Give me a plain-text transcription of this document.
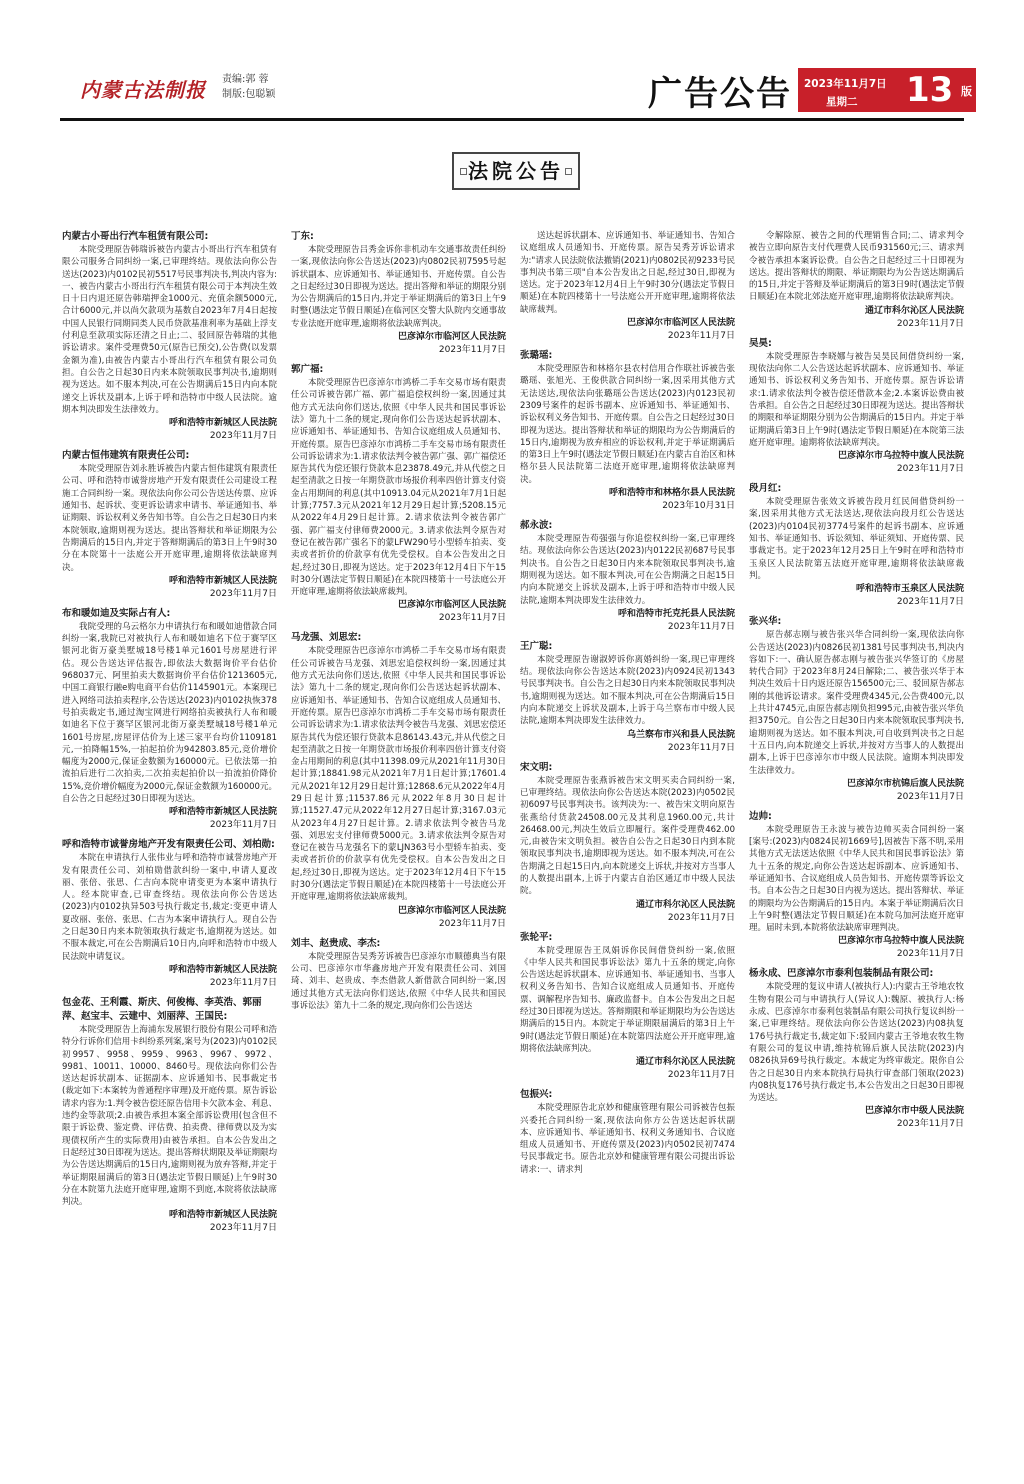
内蒙古法制报 责编:郭 蓉
制版:包聪颖	广告公告 2023年11月7日
星期二 13 版
法院公告
内蒙古小哥出行汽车租赁有限公司:
本院受理原告韩瑞诉被告内蒙古小哥出行汽车租赁有限公司服务合同纠纷一案,已审理终结。现依法向你公告送达(2023)内0102民初5517号民事判决书,判决内容为:一、被告内蒙古小哥出行汽车租赁有限公司于本判决生效日十日内退还原告韩瑞押金1000元、充值余额5000元,合计6000元,并以尚欠款项为基数自2023年7月4日起按中国人民银行同期同类人民币贷款基准利率为基础上浮支付利息至款项实际还清之日止;二、驳回原告韩瑞的其他诉讼请求。案件受理费50元(原告已预交),公告费(以发票金额为准),由被告内蒙古小哥出行汽车租赁有限公司负担。自公告之日起30日内来本院领取民事判决书,逾期则视为送达。如不服本判决,可在公告期满后15日内向本院递交上诉状及副本,上诉于呼和浩特市中级人民法院。逾期本判决即发生法律效力。
呼和浩特市新城区人民法院
2023年11月7日
内蒙古恒伟建筑有限责任公司:
本院受理原告刘永胜诉被告内蒙古恒伟建筑有限责任公司、呼和浩特市诚誉房地产开发有限责任公司建设工程施工合同纠纷一案。现依法向你公司公告送达传票、应诉通知书、起诉状、变更诉讼请求申请书、举证通知书、举证期限、诉讼权利义务告知书等。自公告之日起30日内来本院领取,逾期则视为送达。提出答辩状和举证期限为公告期满后的15日内,并定于答辩期满后的第3日上午9时30分在本院第十一法庭公开开庭审理,逾期将依法缺席判决。
呼和浩特市新城区人民法院
2023年11月7日
布和暖如迪及实际占有人:
我院受理的乌云格尔力申请执行布和暖如迪借款合同纠纷一案,我院已对被执行人布和暖如迪名下位于赛罕区银河北街万豪美墅城18号楼1单元1601号房屋进行评估。现公告送达评估报告,即依法大数据询价平台估价968037元、阿里拍卖大数据询价平台估价1213605元,中国工商银行融e购电商平台估价1145901元。本案现已进入网络司法拍卖程序,公告送达(2023)内0102执恢378号拍卖裁定书,通过淘宝网进行网络拍卖被执行人布和暖如迪名下位于赛罕区银河北街万豪美墅城18号楼1单元1601号房屋,房屋评估价为上述三家平台均价1109181元,一拍降幅15%,一拍起拍价为942803.85元,竞价增价幅度为2000元,保证金数额为160000元。已依法第一拍流拍后进行二次拍卖,二次拍卖起拍价以一拍流拍价降价15%,竞价增价幅度为2000元,保证金数额为160000元。自公告之日起经过30日即视为送达。
呼和浩特市新城区人民法院
2023年11月7日
呼和浩特市诚誉房地产开发有限责任公司、刘柏勋:
本院在申请执行人张伟业与呼和浩特市诚誉房地产开发有限责任公司、刘柏勋借款纠纷一案中,申请人夏改丽、张倍、张思、仁吉向本院申请变更为本案申请执行人。经本院审查,已审查终结。现依法向你公告送达(2023)内0102执异503号执行裁定书,裁定:变更申请人夏改丽、张倍、张思、仁吉为本案申请执行人。现自公告之日起30日内来本院领取执行裁定书,逾期视为送达。如不服本裁定,可在公告期满后10日内,向呼和浩特市中级人民法院申请复议。
呼和浩特市新城区人民法院
2023年11月7日
包金花、王利霞、斯庆、何俊梅、李英浩、郭丽萍、赵宝丰、云建中、刘丽萍、王国民:
本院受理原告上海浦东发展银行股份有限公司呼和浩特分行诉你们信用卡纠纷系列案,案号为(2023)内0102民初9957、9958、9959、9963、9967、9972、9981、10011、10000、8460号。现依法向你们公告送达起诉状副本、证据副本、应诉通知书、民事裁定书(裁定如下:本案转为普通程序审理)及开庭传票。原告诉讼请求内容为:1.判令被告偿还原告信用卡欠款本金、利息、违约金等款项;2.由被告承担本案全部诉讼费用(包含但不限于诉讼费、鉴定费、评估费、拍卖费、律师费以及为实现债权所产生的实际费用)由被告承担。自本公告发出之日起经过30日即视为送达。提出答辩状期限及举证期限均为公告送达期满后的15日内,逾期则视为放弃答辩,并定于举证期限届满后的第3日(遇法定节假日顺延)上午9时30分在本院第九法庭开庭审理,逾期不到庭,本院将依法缺席判决。
呼和浩特市新城区人民法院
2023年11月7日
丁东:
本院受理原告吕秀金诉你非机动车交通事故责任纠纷一案,现依法向你公告送达(2023)内0802民初7595号起诉状副本、应诉通知书、举证通知书、开庭传票。自公告之日起经过30日即视为送达。提出答辩和举证的期限分别为公告期满后的15日内,并定于举证期满后的第3日上午9时整(遇法定节假日顺延)在临河区交警大队院内交通事故专业法庭开庭审理,逾期将依法缺席判决。
巴彦淖尔市临河区人民法院
2023年11月7日
郭广福:
本院受理原告巴彦淖尔市鸿桥二手车交易市场有限责任公司诉被告郭广福、郭广福追偿权纠纷一案,因通过其他方式无法向你们送达,依照《中华人民共和国民事诉讼法》第九十二条的规定,现向你们公告送达起诉状副本、应诉通知书、举证通知书、告知合议庭组成人员通知书、开庭传票。原告巴彦淖尔市鸿桥二手车交易市场有限责任公司诉讼请求为:1.请求依法判令被告郭广强、郭广福偿还原告其代为偿还银行贷款本息23878.49元,并从代偿之日起至清款之日按一年期贷款市场报价利率四倍计算支付资金占用期间的利息(其中10913.04元从2021年7月1日起计算;7757.3元从2021年12月29日起计算;5208.15元从2022年4月29日起计算。2.请求依法判令被告郭广强、郭广福支付律师费2000元。3.请求依法判令原告对登记在被告郭广强名下的蒙LFW290号小型轿车拍卖、变卖或者折价的价款享有优先受偿权。自本公告发出之日起,经过30日,即视为送达。定于2023年12月4日下午15时30分(遇法定节假日顺延)在本院四楼第十一号法庭公开开庭审理,逾期将依法缺席裁判。
巴彦淖尔市临河区人民法院
2023年11月7日
马龙强、刘思宏:
本院受理原告巴彦淖尔市鸿桥二手车交易市场有限责任公司诉被告马龙强、刘思宏追偿权纠纷一案,因通过其他方式无法向你们送达,依照《中华人民共和国民事诉讼法》第九十二条的规定,现向你们公告送达起诉状副本、应诉通知书、举证通知书、告知合议庭组成人员通知书、开庭传票。原告巴彦淖尔市鸿桥二手车交易市场有限责任公司诉讼请求为:1.请求依法判令被告马龙强、刘思宏偿还原告其代为偿还银行贷款本息86143.43元,并从代偿之日起至清款之日按一年期贷款市场报价利率四倍计算支付资金占用期间的利息(其中11398.09元从2021年11月30日起计算;18841.98元从2021年7月1日起计算;17601.4元从2021年12月29日起计算;12868.6元从2022年4月29日起计算;11537.86元从2022年8月30日起计算;11527.47元从2022年12月27日起计算;3167.03元从2023年4月27日起计算。2.请求依法判令被告马龙强、刘思宏支付律师费5000元。3.请求依法判令原告对登记在被告马龙强名下的蒙LJN363号小型轿车拍卖、变卖或者折价的价款享有优先受偿权。自本公告发出之日起,经过30日,即视为送达。定于2023年12月4日下午15时30分(遇法定节假日顺延)在本院四楼第十一号法庭公开开庭审理,逾期将依法缺席裁判。
巴彦淖尔市临河区人民法院
2023年11月7日
刘丰、赵贵成、李杰:
本院受理原告吴秀芳诉被告巴彦淖尔市顺德典当有限公司、巴彦淖尔市华鑫房地产开发有限责任公司、刘国琦、刘丰、赵贵成、李杰借款人新借款合同纠纷一案,因通过其他方式无法向你们送达,依照《中华人民共和国民事诉讼法》第九十二条的规定,现向你们公告送达
送达起诉状副本、应诉通知书、举证通知书、告知合议庭组成人员通知书、开庭传票。原告吴秀芳诉讼请求为:"请求人民法院依法撤销(2021)内0802民初9233号民事判决书第三项"自本公告发出之日起,经过30日,即视为送达。定于2023年12月4日上午9时30分(遇法定节假日顺延)在本院四楼第十一号法庭公开开庭审理,逾期将依法缺席裁判。
巴彦淖尔市临河区人民法院
2023年11月7日
张璐瑶:
本院受理原告和林格尔县农村信用合作联社诉被告张璐瑶、张旭光、王俊供款合同纠纷一案,因采用其他方式无法送达,现依法向张璐瑶公告送达(2023)内0123民初2309号案件的起诉书副本、应诉通知书、举证通知书、诉讼权利义务告知书、开庭传票。自公告之日起经过30日即视为送达。提出答辩状和举证的期限均为公告期满后的15日内,逾期视为放弃相应的诉讼权利,并定于举证期满后的第3日上午9时(遇法定节假日顺延)在内蒙古自治区和林格尔县人民法院第二法庭开庭审理,逾期将依法缺席判决。
呼和浩特市和林格尔县人民法院
2023年10月31日
郝永波:
本院受理原告苟强强与你追偿权纠纷一案,已审理终结。现依法向你公告送达(2023)内0122民初687号民事判决书。自公告之日起30日内来本院领取民事判决书,逾期则视为送达。如不服本判决,可在公告期满之日起15日内向本院递交上诉状及副本,上诉于呼和浩特市中级人民法院,逾期本判决即发生法律效力。
呼和浩特市托克托县人民法院
2023年11月7日
王广聪:
本院受理原告谢淑婷诉你离婚纠纷一案,现已审理终结。现依法向你公告送达本院(2023)内0924民初1343号民事判决书。自公告之日起30日内来本院领取民事判决书,逾期则视为送达。如不服本判决,可在公告期满后15日内向本院递交上诉状及副本,上诉于乌兰察布市中级人民法院,逾期本判决即发生法律效力。
乌兰察布市兴和县人民法院
2023年11月7日
宋文明:
本院受理原告张燕诉被告宋文明买卖合同纠纷一案,已审理终结。现依法向你公告送达本院(2023)内0502民初6097号民事判决书。该判决为:一、被告宋文明向原告张燕给付货款24508.00元及其利息1960.00元,共计26468.00元,判决生效后立即履行。案件受理费462.00元,由被告宋文明负担。被告自公告之日起30日内到本院领取民事判决书,逾期即视为送达。如不服本判决,可在公告期满之日起15日内,向本院递交上诉状,并按对方当事人的人数提出副本,上诉于内蒙古自治区通辽市中级人民法院。
通辽市科尔沁区人民法院
2023年11月7日
张轮平:
本院受理原告王凤娟诉你民间借贷纠纷一案,依照《中华人民共和国民事诉讼法》第九十五条的规定,向你公告送达起诉状副本、应诉通知书、举证通知书、当事人权利义务告知书、告知合议庭组成人员通知书、开庭传票、调解程序告知书、廉政监督卡。自本公告发出之日起经过30日即视为送达。答辩期限和举证期限均为公告送达期满后的15日内。本院定于举证期限届满后的第3日上午9时(遇法定节假日顺延)在本院第四法庭公开开庭审理,逾期将依法缺席判决。
通辽市科尔沁区人民法院
2023年11月7日
包振兴:
本院受理原告北京妙和健康管理有限公司诉被告包振兴委托合同纠纷一案,现依法向你方公告送达起诉状副本、应诉通知书、举证通知书、权利义务通知书、合议庭组成人员通知书、开庭传票及(2023)内0502民初7474号民事裁定书。原告北京妙和健康管理有限公司提出诉讼请求:一、请求判
令解除原、被告之间的代理销售合同;二、请求判令被告立即向原告支付代理费人民币931560元;三、请求判令被告承担本案诉讼费。自公告之日起经过三十日即视为送达。提出答辩状的期限、举证期限均为公告送达期满后的15日,并定于答辩及举证期满后的第3日9时(遇法定节假日顺延)在本院北郊法庭开庭审理,逾期将依法缺席判决。
通辽市科尔沁区人民法院
2023年11月7日
吴昊:
本院受理原告李晓娜与被告吴昊民间借贷纠纷一案,现依法向你二人公告送达起诉状副本、应诉通知书、举证通知书、诉讼权利义务告知书、开庭传票。原告诉讼请求:1.请求依法判令被告偿还借款本金;2.本案诉讼费由被告承担。自公告之日起经过30日即视为送达。提出答辩状的期限和举证期限分别为公告期满后的15日内。并定于举证期满后第3日上午9时(遇法定节假日顺延)在本院第三法庭开庭审理。逾期将依法缺席判决。
巴彦淖尔市乌拉特中旗人民法院
2023年11月7日
段月红:
本院受理原告张效文诉被告段月红民间借贷纠纷一案,因采用其他方式无法送达,现依法向段月红公告送达(2023)内0104民初3774号案件的起诉书副本、应诉通知书、举证通知书、诉讼须知、举证须知、开庭传票、民事裁定书。定于2023年12月25日上午9时在呼和浩特市玉泉区人民法院第五法庭开庭审理,逾期将依法缺席裁判。
呼和浩特市玉泉区人民法院
2023年11月7日
张兴华:
原告郝志刚与被告张兴华合同纠纷一案,现依法向你公告送达(2023)内0826民初1381号民事判决书,判决内容如下:一、确认原告郝志刚与被告张兴华签订的《房屋转代合同》于2023年8月24日解除;二、被告张兴华于本判决生效后十日内返还原告156500元;三、驳回原告郝志刚的其他诉讼请求。案件受理费4345元,公告费400元,以上共计4745元,由原告郝志刚负担995元,由被告张兴华负担3750元。自公告之日起30日内来本院领取民事判决书,逾期则视为送达。如不服本判决,可自收到判决书之日起十五日内,向本院递交上诉状,并按对方当事人的人数提出副本,上诉于巴彦淖尔市中级人民法院。逾期本判决即发生法律效力。
巴彦淖尔市杭锦后旗人民法院
2023年11月7日
边帅:
本院受理原告王永波与被告边帅买卖合同纠纷一案[案号:(2023)内0824民初1669号],因被告下落不明,采用其他方式无法送达依照《中华人民共和国民事诉讼法》第九十五条的规定,向你公告送达起诉副本、应诉通知书、举证通知书、合议庭组成人员告知书、开庭传票等诉讼文书。自本公告之日起30日内视为送达。提出答辩状、举证的期限均为公告期满后的15日内。本案于举证期满后次日上午9时整(遇法定节假日顺延)在本院乌加河法庭开庭审理。届时未到,本院将依法缺席审理判决。
巴彦淖尔市乌拉特中旗人民法院
2023年11月7日
杨永成、巴彦淖尔市泰利包装制品有限公司:
本院受理的复议申请人(被执行人):内蒙古王爷地农牧生物有限公司与申请执行人(异议人):魏原、被执行人:杨永成、巴彦淖尔市泰利包装制品有限公司执行复议纠纷一案,已审理终结。现依法向你公告送达(2023)内08执复176号执行裁定书,裁定如下:驳回内蒙古王爷地农牧生物有限公司的复议申请,维持杭锦后旗人民法院(2023)内0826执异69号执行裁定。本裁定为终审裁定。限你自公告之日起30日内来本院执行局执行审查部门领取(2023)内08执复176号执行裁定书,本公告发出之日起30日即视为送达。
巴彦淖尔市中级人民法院
2023年11月7日
